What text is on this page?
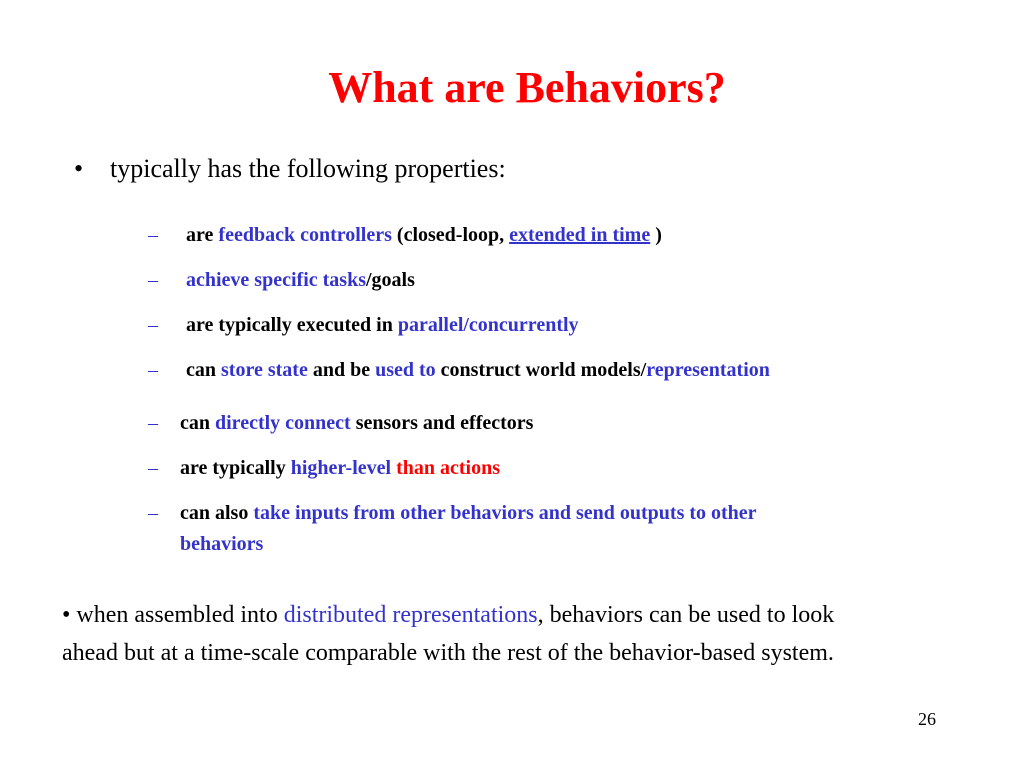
What are Behaviors?
• typically has the following properties:
– are feedback controllers (closed-loop, extended in time )
– achieve specific tasks/goals
– are typically executed in parallel/concurrently
– can store state and be used to construct world models/representation
– can directly connect sensors and effectors
– are typically higher-level than actions
– can also take inputs from other behaviors and send outputs to other
behaviors
• when assembled into distributed representations, behaviors can be used to look
ahead but at a time-scale comparable with the rest of the behavior-based system.
26
